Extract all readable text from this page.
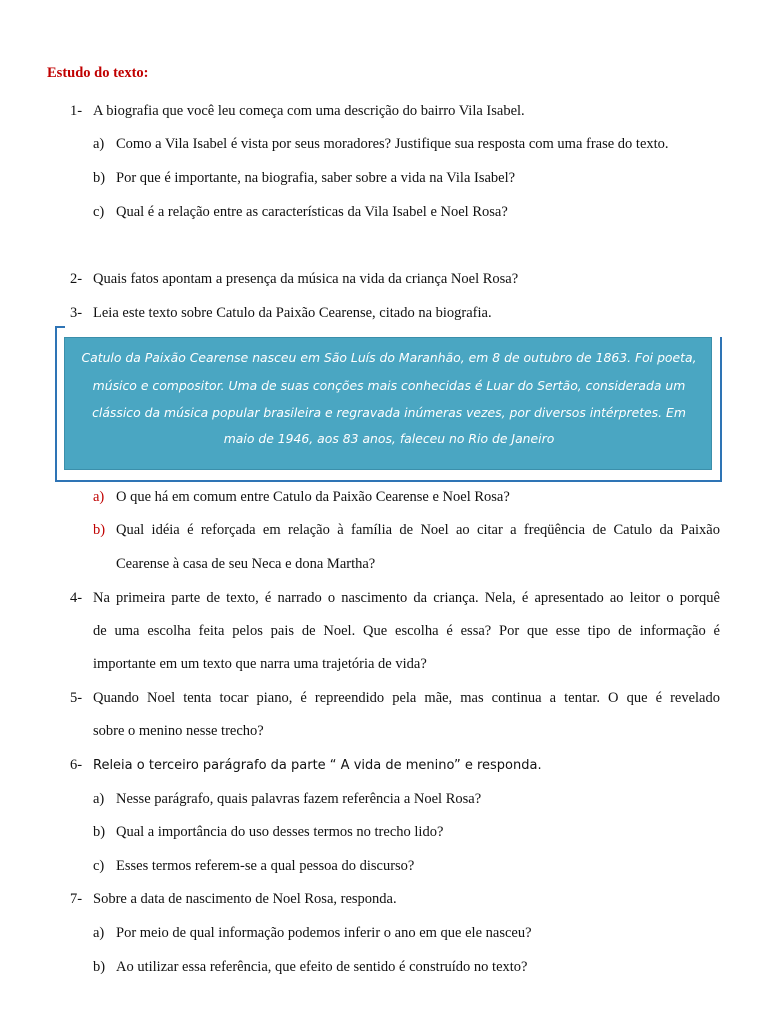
Estudo do texto:
1- A biografia que você leu começa com uma descrição do bairro Vila Isabel.
a) Como a Vila Isabel é vista por seus moradores? Justifique sua resposta com uma frase do texto.
b) Por que é importante, na biografia, saber sobre a vida na Vila Isabel?
c) Qual é a relação entre as características da Vila Isabel e Noel Rosa?
2- Quais fatos apontam a presença da música na vida da criança Noel Rosa?
3- Leia este texto sobre Catulo da Paixão Cearense, citado na biografia.
Catulo da Paixão Cearense nasceu em São Luís do Maranhão, em 8 de outubro de 1863. Foi poeta,
músico e compositor. Uma de suas conções mais conhecidas é Luar do Sertão, considerada um
clássico da música popular brasileira e regravada inúmeras vezes, por diversos intérpretes. Em
maio de 1946, aos 83 anos, faleceu no Rio de Janeiro
a) O que há em comum entre Catulo da Paixão Cearense e Noel Rosa?
b) Qual idéia é reforçada em relação à família de Noel ao citar a freqüência de Catulo da Paixão
Cearense à casa de seu Neca e dona Martha?
4- Na primeira parte de texto, é narrado o nascimento da criança. Nela, é apresentado ao leitor o porquê
de uma escolha feita pelos pais de Noel. Que escolha é essa? Por que esse tipo de informação é
importante em um texto que narra uma trajetória de vida?
5- Quando Noel tenta tocar piano, é repreendido pela mãe, mas continua a tentar. O que é revelado
sobre o menino nesse trecho?
6- Releia o terceiro parágrafo da parte “ A vida de menino” e responda.
a) Nesse parágrafo, quais palavras fazem referência a Noel Rosa?
b) Qual a importância do uso desses termos no trecho lido?
c) Esses termos referem-se a qual pessoa do discurso?
7- Sobre a data de nascimento de Noel Rosa, responda.
a) Por meio de qual informação podemos inferir o ano em que ele nasceu?
b) Ao utilizar essa referência, que efeito de sentido é construído no texto?
